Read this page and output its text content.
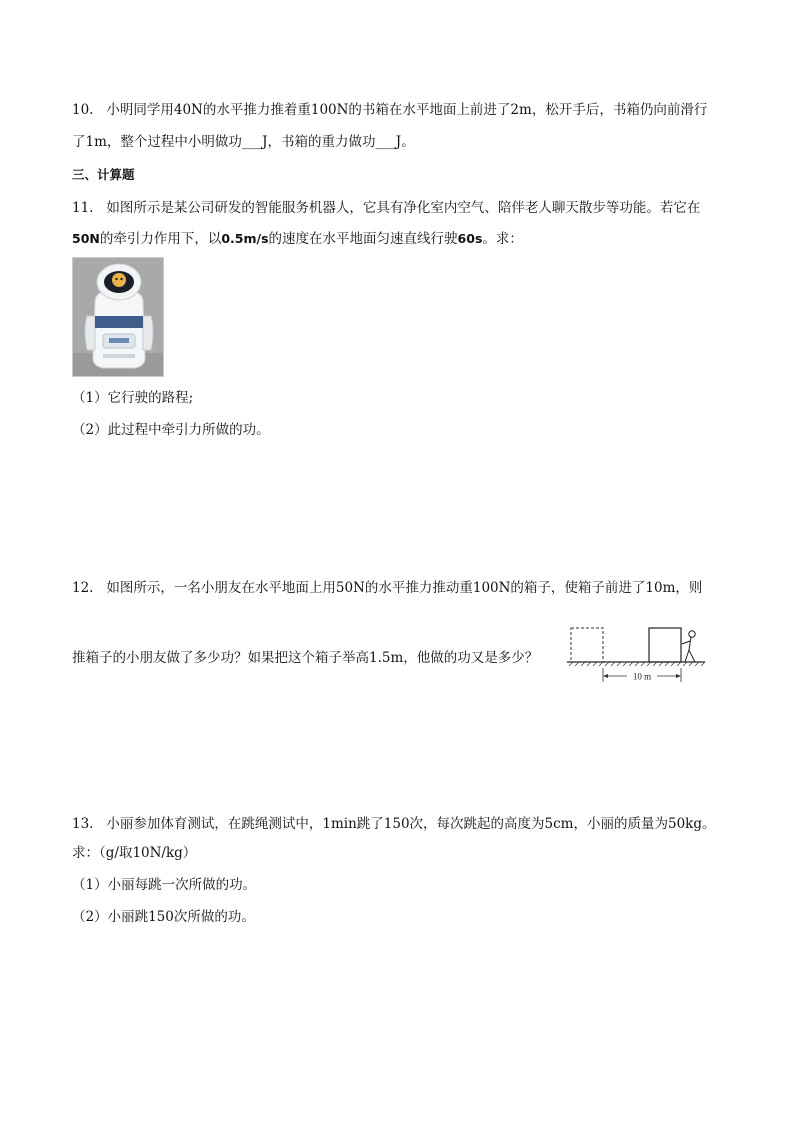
10. 小明同学用40N的水平推力推着重100N的书箱在水平地面上前进了2m，松开手后，书箱仍向前滑行
了1m，整个过程中小明做功___J，书箱的重力做功___J。
三、计算题
11. 如图所示是某公司研发的智能服务机器人，它具有净化室内空气、陪伴老人聊天散步等功能。若它在
50N的牵引力作用下，以0.5m/s的速度在水平地面匀速直线行驶60s。求：
（1）它行驶的路程;
（2）此过程中牵引力所做的功。
12. 如图所示，一名小朋友在水平地面上用50N的水平推力推动重100N的箱子，使箱子前进了10m，则
推箱子的小朋友做了多少功？如果把这个箱子举高1.5m，他做的功又是多少？
10 m
13. 小丽参加体育测试，在跳绳测试中，1min跳了150次，每次跳起的高度为5cm，小丽的质量为50kg。
求：（g/取10N/kg）
（1）小丽每跳一次所做的功。
（2）小丽跳150次所做的功。
